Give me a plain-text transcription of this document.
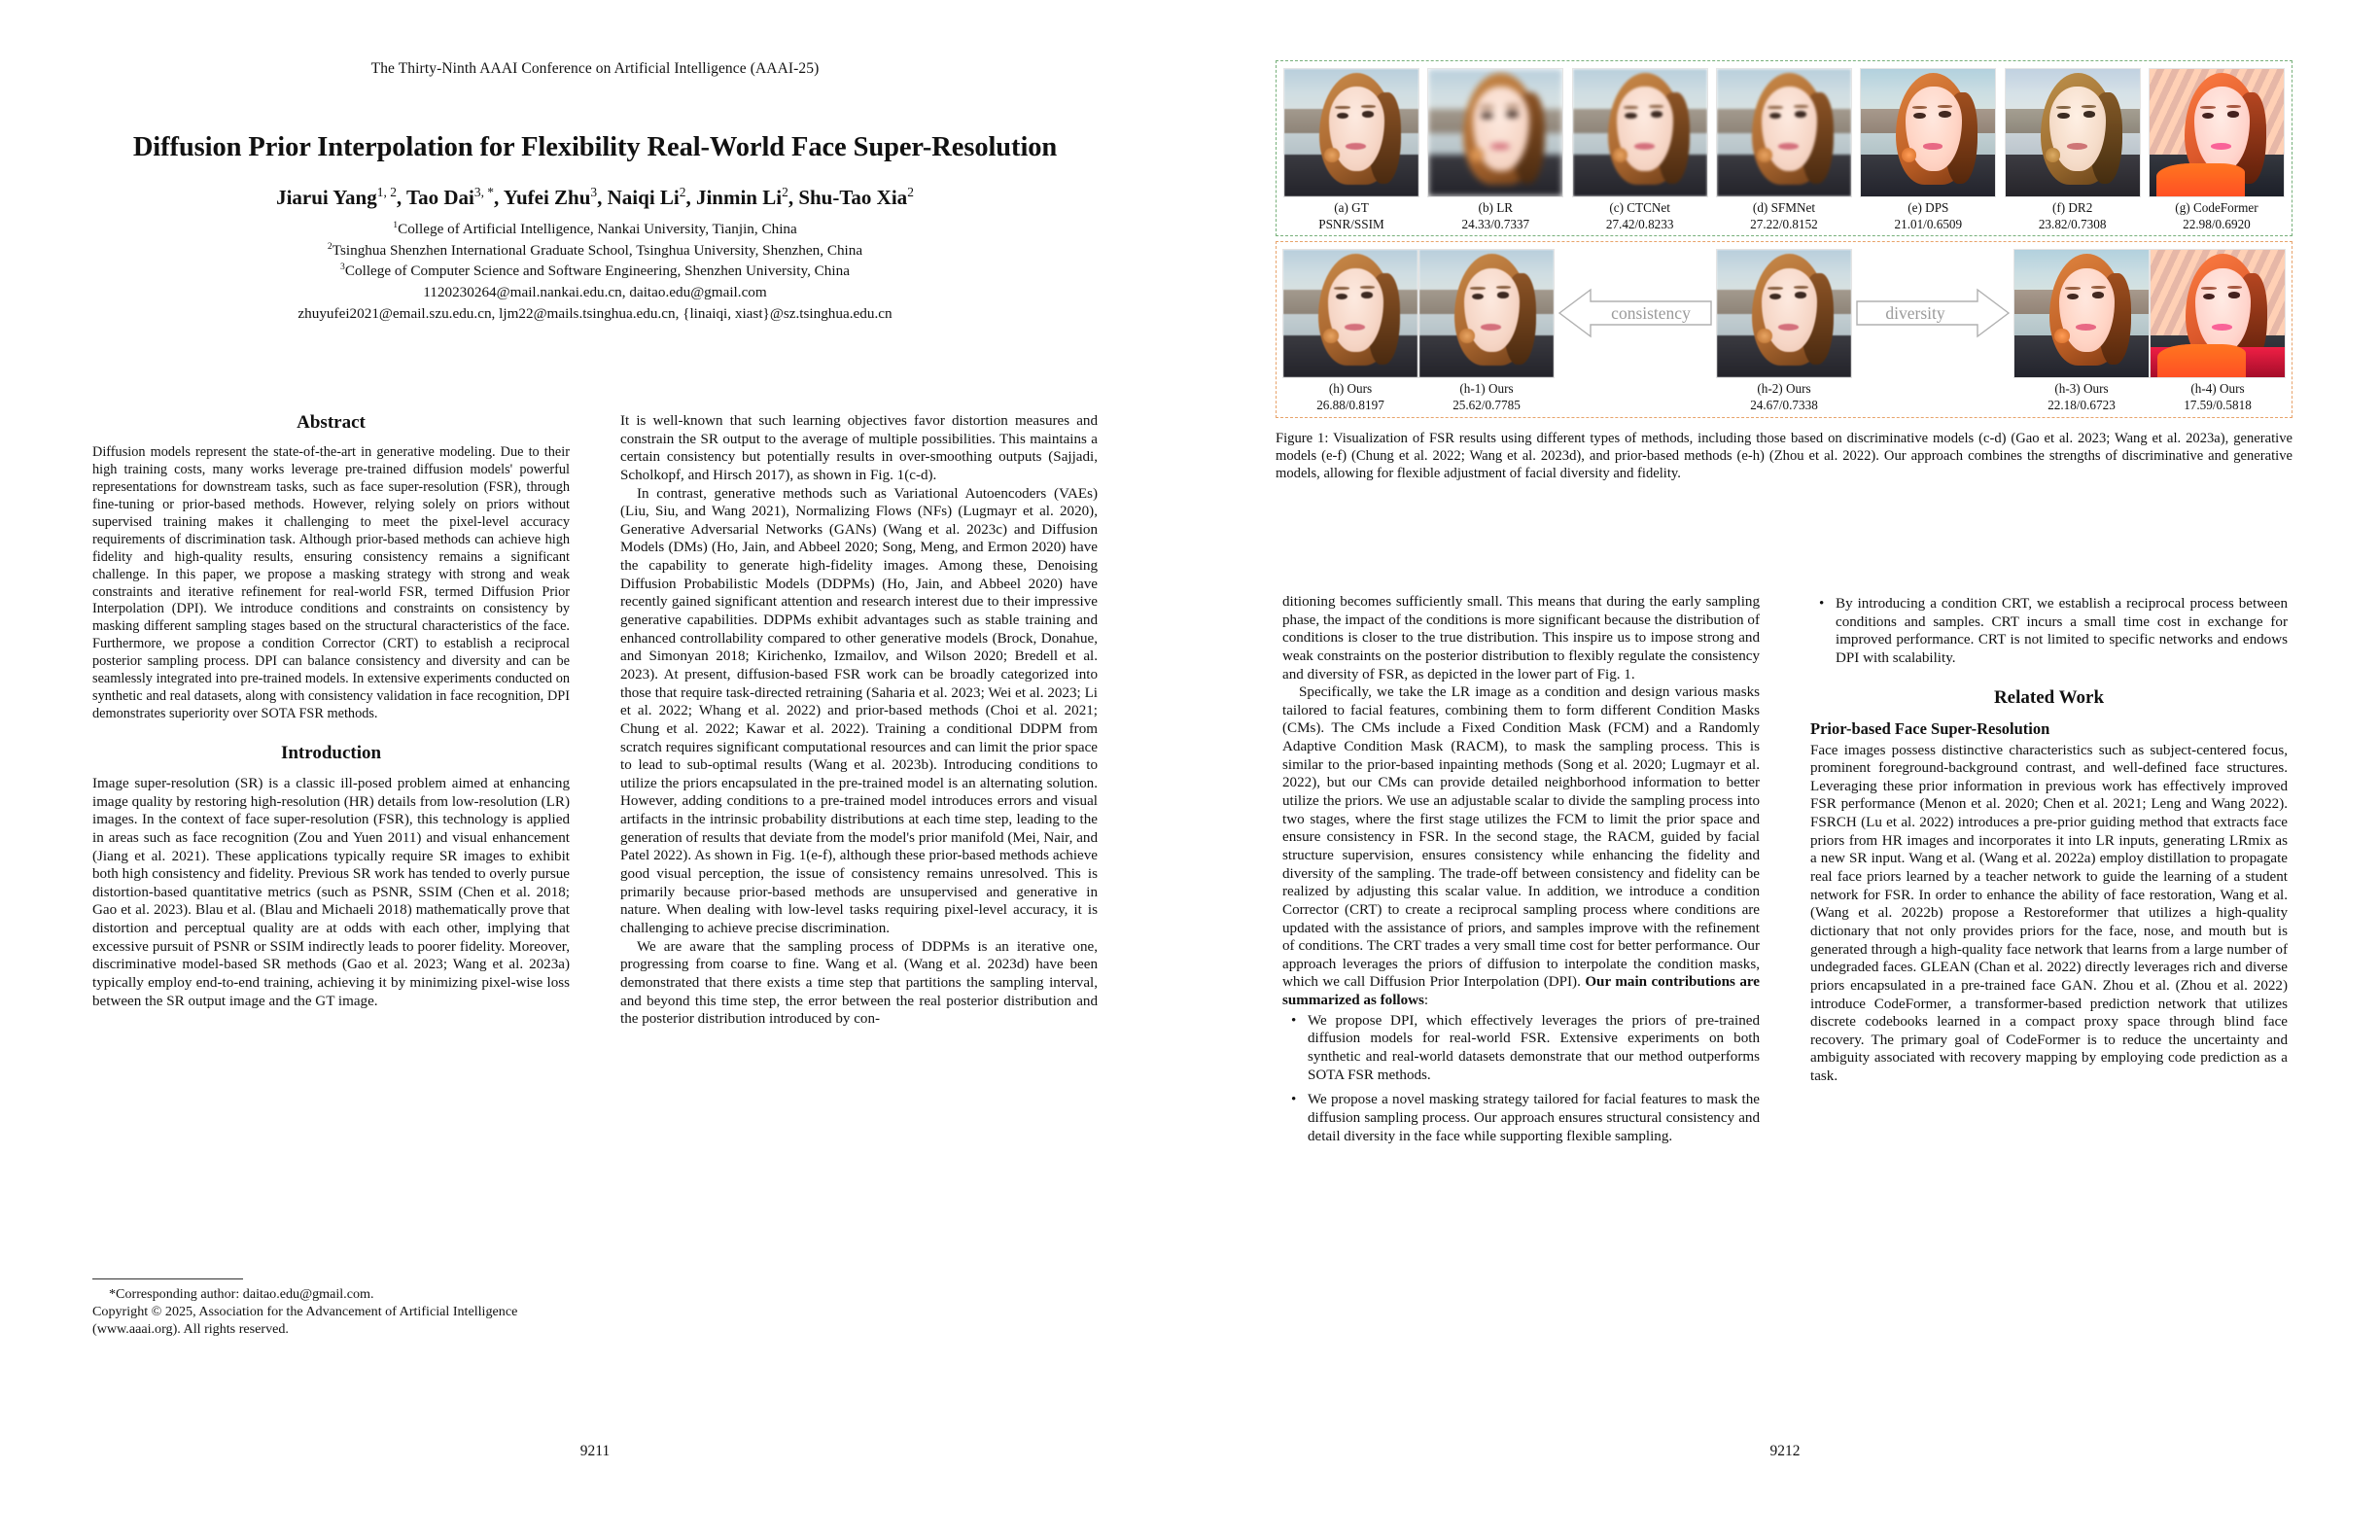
The Thirty-Ninth AAAI Conference on Artificial Intelligence (AAAI-25)
Diffusion Prior Interpolation for Flexibility Real-World Face Super-Resolution
Jiarui Yang$^{1, 2}$, Tao Dai$^{3, *}$, Yufei Zhu$^3$, Naiqi Li$^2$, Jinmin Li$^2$, Shu-Tao Xia$^2$
$^1$College of Artificial Intelligence, Nankai University, Tianjin, China
$^2$Tsinghua Shenzhen International Graduate School, Tsinghua University, Shenzhen, China
$^3$College of Computer Science and Software Engineering, Shenzhen University, China
1120230264@mail.nankai.edu.cn, daitao.edu@gmail.com
zhuyufei2021@email.szu.edu.cn, ljm22@mails.tsinghua.edu.cn, {linaiqi, xiast}@sz.tsinghua.edu.cn
Abstract

Diffusion models represent the state-of-the-art in generative modeling. Due to their high training costs, many works leverage pre-trained diffusion models' powerful representations for downstream tasks, such as face super-resolution (FSR), through fine-tuning or prior-based methods. However, relying solely on priors without supervised training makes it challenging to meet the pixel-level accuracy requirements of discrimination task. Although prior-based methods can achieve high fidelity and high-quality results, ensuring consistency remains a significant challenge. In this paper, we propose a masking strategy with strong and weak constraints and iterative refinement for real-world FSR, termed Diffusion Prior Interpolation (DPI). We introduce conditions and constraints on consistency by masking different sampling stages based on the structural characteristics of the face. Furthermore, we propose a condition Corrector (CRT) to establish a reciprocal posterior sampling process. DPI can balance consistency and diversity and can be seamlessly integrated into pre-trained models. In extensive experiments conducted on synthetic and real datasets, along with consistency validation in face recognition, DPI demonstrates superiority over SOTA FSR methods.

Introduction

Image super-resolution (SR) is a classic ill-posed problem aimed at enhancing image quality by restoring high-resolution (HR) details from low-resolution (LR) images. In the context of face super-resolution (FSR), this technology is applied in areas such as face recognition (Zou and Yuen 2011) and visual enhancement (Jiang et al. 2021). These applications typically require SR images to exhibit both high consistency and fidelity. Previous SR work has tended to overly pursue distortion-based quantitative metrics (such as PSNR, SSIM (Chen et al. 2018; Gao et al. 2023). Blau et al. (Blau and Michaeli 2018) mathematically prove that distortion and perceptual quality are at odds with each other, implying that excessive pursuit of PSNR or SSIM indirectly leads to poorer fidelity. Moreover, discriminative model-based SR methods (Gao et al. 2023; Wang et al. 2023a) typically employ end-to-end training, achieving it by minimizing pixel-wise loss between the SR output image and the GT image.

It is well-known that such learning objectives favor distortion measures and constrain the SR output to the average of multiple possibilities. This maintains a certain consistency but potentially results in over-smoothing outputs (Sajjadi, Scholkopf, and Hirsch 2017), as shown in Fig. 1(c-d).

In contrast, generative methods such as Variational Autoencoders (VAEs) (Liu, Siu, and Wang 2021), Normalizing Flows (NFs) (Lugmayr et al. 2020), Generative Adversarial Networks (GANs) (Wang et al. 2023c) and Diffusion Models (DMs) (Ho, Jain, and Abbeel 2020; Song, Meng, and Ermon 2020) have the capability to generate high-fidelity images. Among these, Denoising Diffusion Probabilistic Models (DDPMs) (Ho, Jain, and Abbeel 2020) have recently gained significant attention and research interest due to their impressive generative capabilities. DDPMs exhibit advantages such as stable training and enhanced controllability compared to other generative models (Brock, Donahue, and Simonyan 2018; Kirichenko, Izmailov, and Wilson 2020; Bredell et al. 2023). At present, diffusion-based FSR work can be broadly categorized into those that require task-directed retraining (Saharia et al. 2023; Wei et al. 2023; Li et al. 2022; Whang et al. 2022) and prior-based methods (Choi et al. 2021; Chung et al. 2022; Kawar et al. 2022). Training a conditional DDPM from scratch requires significant computational resources and can limit the prior space to lead to sub-optimal results (Wang et al. 2023b). Introducing conditions to utilize the priors encapsulated in the pre-trained model is an alternating solution. However, adding conditions to a pre-trained model introduces errors and visual artifacts in the intrinsic probability distributions at each time step, leading to the generation of results that deviate from the model's prior manifold (Mei, Nair, and Patel 2022). As shown in Fig. 1(e-f), although these prior-based methods achieve good visual perception, the issue of consistency remains unresolved. This is primarily because prior-based methods are unsupervised and generative in nature. When dealing with low-level tasks requiring pixel-level accuracy, it is challenging to achieve precise discrimination.

We are aware that the sampling process of DDPMs is an iterative one, progressing from coarse to fine. Wang et al. (Wang et al. 2023d) have been demonstrated that there exists a time step that partitions the sampling interval, and beyond this time step, the error between the real posterior distribution and the posterior distribution introduced by con-

*Corresponding author: daitao.edu@gmail.com.
Copyright © 2025, Association for the Advancement of Artificial Intelligence (www.aaai.org). All rights reserved.
9211
(a) GT
PSNR/SSIM
(b) LR
24.33/0.7337
(c) CTCNet
27.42/0.8233
(d) SFMNet
27.22/0.8152
(e) DPS
21.01/0.6509
(f) DR2
23.82/0.7308
(g) CodeFormer
22.98/0.6920
(h) Ours
26.88/0.8197
(h-1) Ours
25.62/0.7785
consistency
(h-2) Ours
24.67/0.7338
diversity
(h-3) Ours
22.18/0.6723
(h-4) Ours
17.59/0.5818
Figure 1: Visualization of FSR results using different types of methods, including those based on discriminative models (c-d) (Gao et al. 2023; Wang et al. 2023a), generative models (e-f) (Chung et al. 2022; Wang et al. 2023d), and prior-based methods (e-h) (Zhou et al. 2022). Our approach combines the strengths of discriminative and generative models, allowing for flexible adjustment of facial diversity and fidelity.

ditioning becomes sufficiently small. This means that during the early sampling phase, the impact of the conditions is more significant because the distribution of conditions is closer to the true distribution. This inspire us to impose strong and weak constraints on the posterior distribution to flexibly regulate the consistency and diversity of FSR, as depicted in the lower part of Fig. 1.

Specifically, we take the LR image as a condition and design various masks tailored to facial features, combining them to form different Condition Masks (CMs). The CMs include a Fixed Condition Mask (FCM) and a Randomly Adaptive Condition Mask (RACM), to mask the sampling process. This is similar to the prior-based inpainting methods (Song et al. 2020; Lugmayr et al. 2022), but our CMs can provide detailed neighborhood information to better utilize the priors. We use an adjustable scalar to divide the sampling process into two stages, where the first stage utilizes the FCM to limit the prior space and ensure consistency in FSR. In the second stage, the RACM, guided by facial structure supervision, ensures consistency while enhancing the fidelity and diversity of the sampling. The trade-off between consistency and fidelity can be realized by adjusting this scalar value. In addition, we introduce a condition Corrector (CRT) to create a reciprocal sampling process where conditions are updated with the assistance of priors, and samples improve with the refinement of conditions. The CRT trades a very small time cost for better performance. Our approach leverages the priors of diffusion to interpolate the condition masks, which we call Diffusion Prior Interpolation (DPI). Our main contributions are summarized as follows:

• We propose DPI, which effectively leverages the priors of pre-trained diffusion models for real-world FSR. Extensive experiments on both synthetic and real-world datasets demonstrate that our method outperforms SOTA FSR methods.
• We propose a novel masking strategy tailored for facial features to mask the diffusion sampling process. Our approach ensures structural consistency and detail diversity in the face while supporting flexible sampling.
• By introducing a condition CRT, we establish a reciprocal process between conditions and samples. CRT incurs a small time cost in exchange for improved performance. CRT is not limited to specific networks and endows DPI with scalability.
Related Work
Prior-based Face Super-Resolution

Face images possess distinctive characteristics such as subject-centered focus, prominent foreground-background contrast, and well-defined face structures. Leveraging these prior information in previous work has effectively improved FSR performance (Menon et al. 2020; Chen et al. 2021; Leng and Wang 2022). FSRCH (Lu et al. 2022) introduces a pre-prior guiding method that extracts face priors from HR images and incorporates it into LR inputs, generating LRmix as a new SR input. Wang et al. (Wang et al. 2022a) employ distillation to propagate real face priors learned by a teacher network to guide the learning of a student network for FSR. In order to enhance the ability of face restoration, Wang et al. (Wang et al. 2022b) propose a Restoreformer that utilizes a high-quality dictionary that not only provides priors for the face, nose, and mouth but is generated through a high-quality face network that learns from a large number of undegraded faces. GLEAN (Chan et al. 2022) directly leverages rich and diverse priors encapsulated in a pre-trained face GAN. Zhou et al. (Zhou et al. 2022) introduce CodeFormer, a transformer-based prediction network that utilizes discrete codebooks learned in a compact proxy space through blind face recovery. The primary goal of CodeFormer is to reduce the uncertainty and ambiguity associated with recovery mapping by employing code prediction as a task.

9212
